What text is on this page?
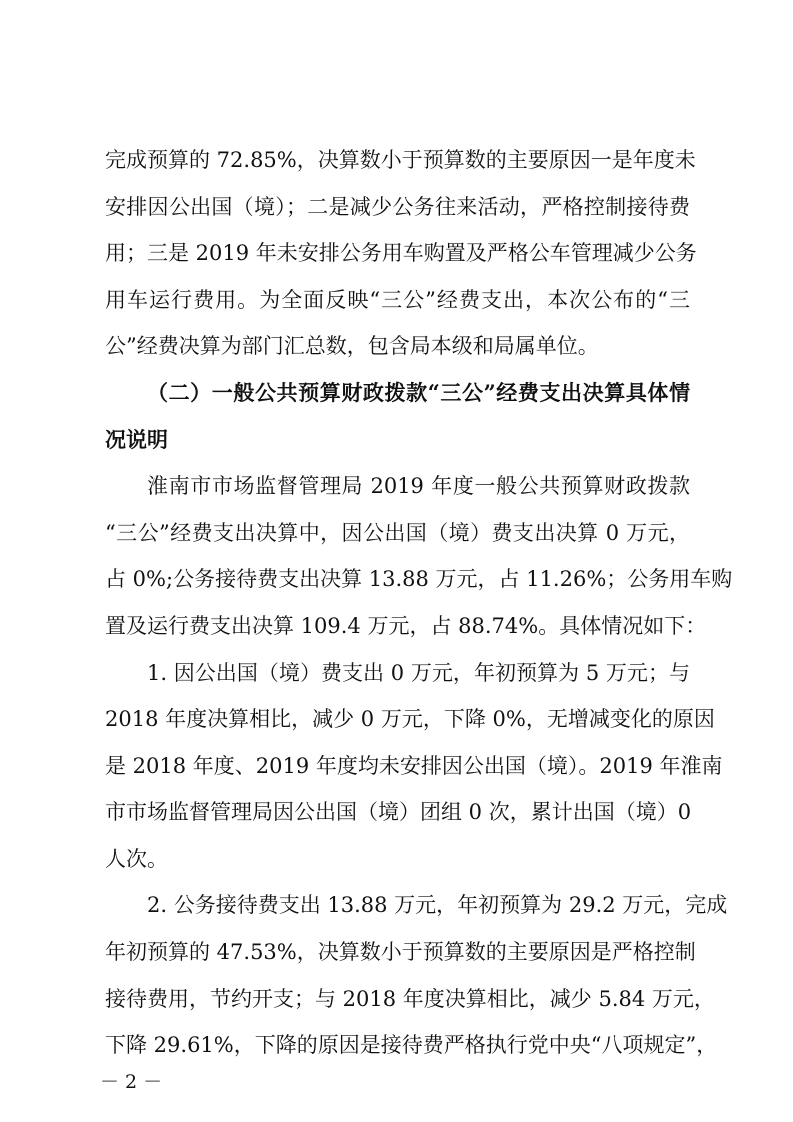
完成预算的 72.85%，决算数小于预算数的主要原因一是年度未
安排因公出国（境）；二是减少公务往来活动，严格控制接待费
用；三是 2019 年未安排公务用车购置及严格公车管理减少公务
用车运行费用。为全面反映“三公”经费支出，本次公布的“三
公”经费决算为部门汇总数，包含局本级和局属单位。
（二）一般公共预算财政拨款“三公”经费支出决算具体情
况说明
淮南市市场监督管理局 2019 年度一般公共预算财政拨款
“三公”经费支出决算中，因公出国（境）费支出决算 0 万元，
占 0%;公务接待费支出决算 13.88 万元，占 11.26%；公务用车购
置及运行费支出决算 109.4 万元，占 88.74%。具体情况如下：
1. 因公出国（境）费支出 0 万元，年初预算为 5 万元；与
2018 年度决算相比，减少 0 万元，下降 0%，无增减变化的原因
是 2018 年度、2019 年度均未安排因公出国（境）。2019 年淮南
市市场监督管理局因公出国（境）团组 0 次，累计出国（境）0
人次。
2. 公务接待费支出 13.88 万元，年初预算为 29.2 万元，完成
年初预算的 47.53%，决算数小于预算数的主要原因是严格控制
接待费用，节约开支；与 2018 年度决算相比，减少 5.84 万元，
下降 29.61%，下降的原因是接待费严格执行党中央“八项规定”，
－ 2 －
